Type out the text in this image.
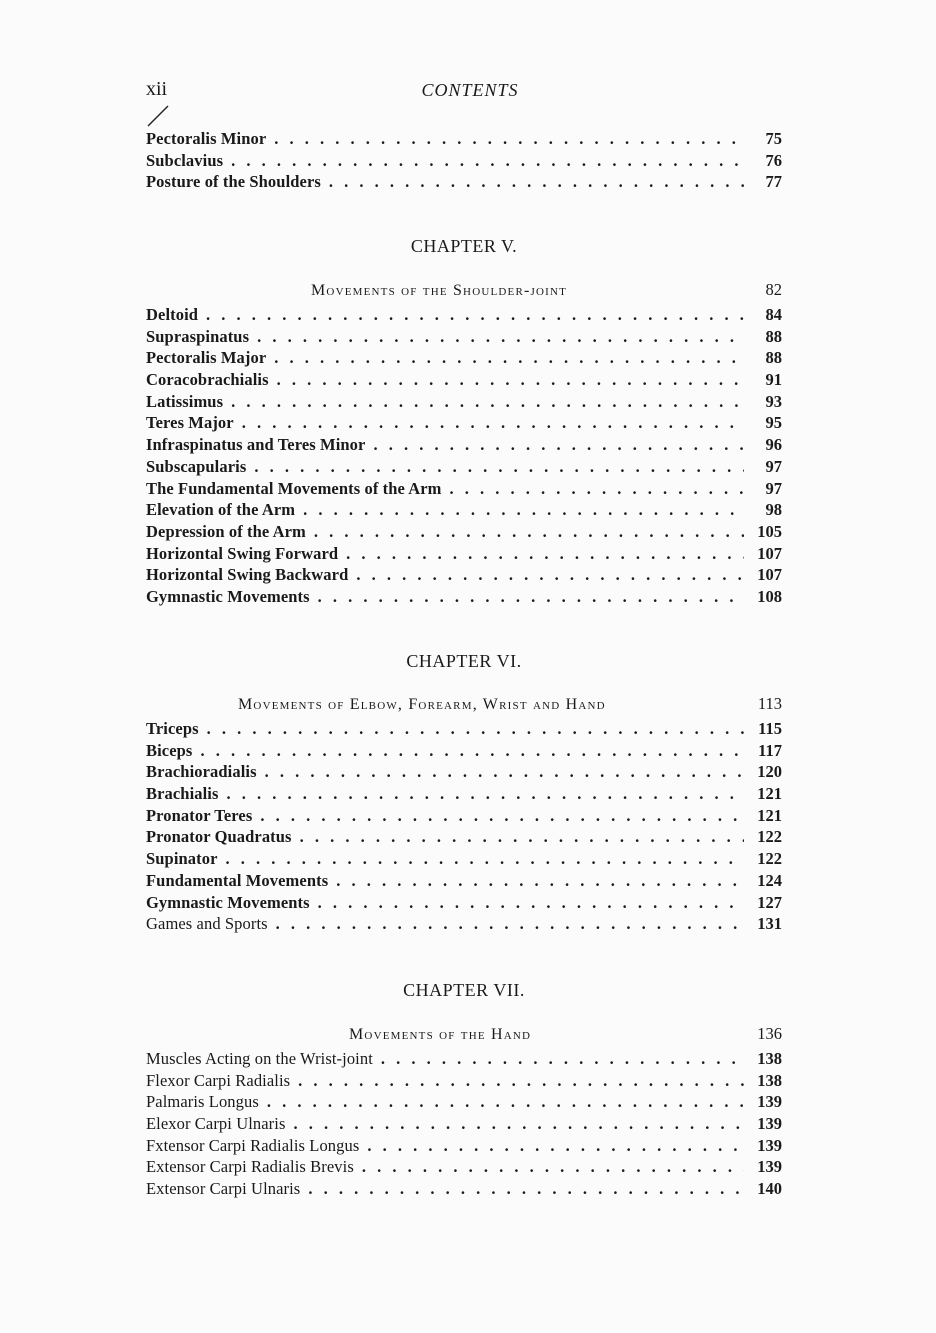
xii	CONTENTS
Pectoralis Minor . . .	75
Subclavius . . .	76
Posture of the Shoulders . . .	77
CHAPTER V.
Movements of the Shoulder-joint	82
Deltoid . . .	84
Supraspinatus . . .	88
Pectoralis Major . . .	88
Coracobrachialis . . .	91
Latissimus . . .	93
Teres Major . . .	95
Infraspinatus and Teres Minor . . .	96
Subscapularis . . .	97
The Fundamental Movements of the Arm . . .	97
Elevation of the Arm . . .	98
Depression of the Arm . . .	105
Horizontal Swing Forward . . .	107
Horizontal Swing Backward . . .	107
Gymnastic Movements . . .	108
CHAPTER VI.
Movements of Elbow, Forearm, Wrist and Hand	113
Triceps . . .	115
Biceps . . .	117
Brachioradialis . . .	120
Brachialis . . .	121
Pronator Teres . . .	121
Pronator Quadratus . . .	122
Supinator . . .	122
Fundamental Movements . . .	124
Gymnastic Movements . . .	127
Games and Sports . . .	131
CHAPTER VII.
Movements of the Hand	136
Muscles Acting on the Wrist-joint . . .	138
Flexor Carpi Radialis . . .	138
Palmaris Longus . . .	139
Elexor Carpi Ulnaris . . .	139
Fxtensor Carpi Radialis Longus . . .	139
Extensor Carpi Radialis Brevis . . .	139
Extensor Carpi Ulnaris . . .	140
